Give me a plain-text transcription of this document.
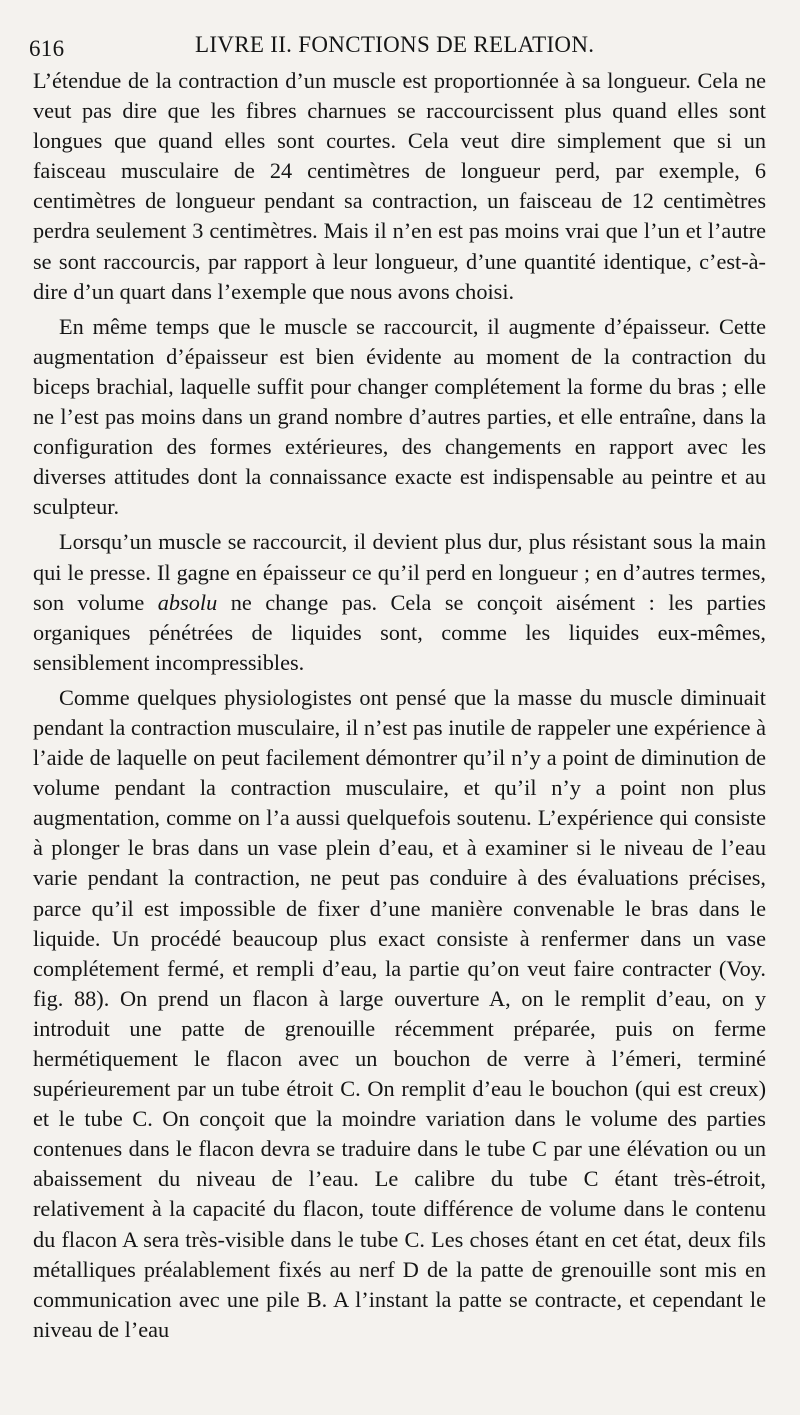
616	LIVRE II. FONCTIONS DE RELATION.

L’étendue de la contraction d’un muscle est proportionnée à sa longueur. Cela ne veut pas dire que les fibres charnues se raccourcissent plus quand elles sont longues que quand elles sont courtes. Cela veut dire simplement que si un faisceau musculaire de 24 centimètres de longueur perd, par exemple, 6 centimètres de longueur pendant sa contraction, un faisceau de 12 centimètres perdra seulement 3 centimètres. Mais il n’en est pas moins vrai que l’un et l’autre se sont raccourcis, par rapport à leur longueur, d’une quantité identique, c’est-à-dire d’un quart dans l’exemple que nous avons choisi.

En même temps que le muscle se raccourcit, il augmente d’épaisseur. Cette augmentation d’épaisseur est bien évidente au moment de la contraction du biceps brachial, laquelle suffit pour changer complétement la forme du bras ; elle ne l’est pas moins dans un grand nombre d’autres parties, et elle entraîne, dans la configuration des formes extérieures, des changements en rapport avec les diverses attitudes dont la connaissance exacte est indispensable au peintre et au sculpteur.

Lorsqu’un muscle se raccourcit, il devient plus dur, plus résistant sous la main qui le presse. Il gagne en épaisseur ce qu’il perd en longueur ; en d’autres termes, son volume absolu ne change pas. Cela se conçoit aisément : les parties organiques pénétrées de liquides sont, comme les liquides eux-mêmes, sensiblement incompressibles.

Comme quelques physiologistes ont pensé que la masse du muscle diminuait pendant la contraction musculaire, il n’est pas inutile de rappeler une expérience à l’aide de laquelle on peut facilement démontrer qu’il n’y a point de diminution de volume pendant la contraction musculaire, et qu’il n’y a point non plus augmentation, comme on l’a aussi quelquefois soutenu. L’expérience qui consiste à plonger le bras dans un vase plein d’eau, et à examiner si le niveau de l’eau varie pendant la contraction, ne peut pas conduire à des évaluations précises, parce qu’il est impossible de fixer d’une manière convenable le bras dans le liquide. Un procédé beaucoup plus exact consiste à renfermer dans un vase complétement fermé, et rempli d’eau, la partie qu’on veut faire contracter (Voy. fig. 88). On prend un flacon à large ouverture A, on le remplit d’eau, on y introduit une patte de grenouille récemment préparée, puis on ferme hermétiquement le flacon avec un bouchon de verre à l’émeri, terminé supérieurement par un tube étroit C. On remplit d’eau le bouchon (qui est creux) et le tube C. On conçoit que la moindre variation dans le volume des parties contenues dans le flacon devra se traduire dans le tube C par une élévation ou un abaissement du niveau de l’eau. Le calibre du tube C étant très-étroit, relativement à la capacité du flacon, toute différence de volume dans le contenu du flacon A sera très-visible dans le tube C. Les choses étant en cet état, deux fils métalliques préalablement fixés au nerf D de la patte de grenouille sont mis en communication avec une pile B. A l’instant la patte se contracte, et cependant le niveau de l’eau
